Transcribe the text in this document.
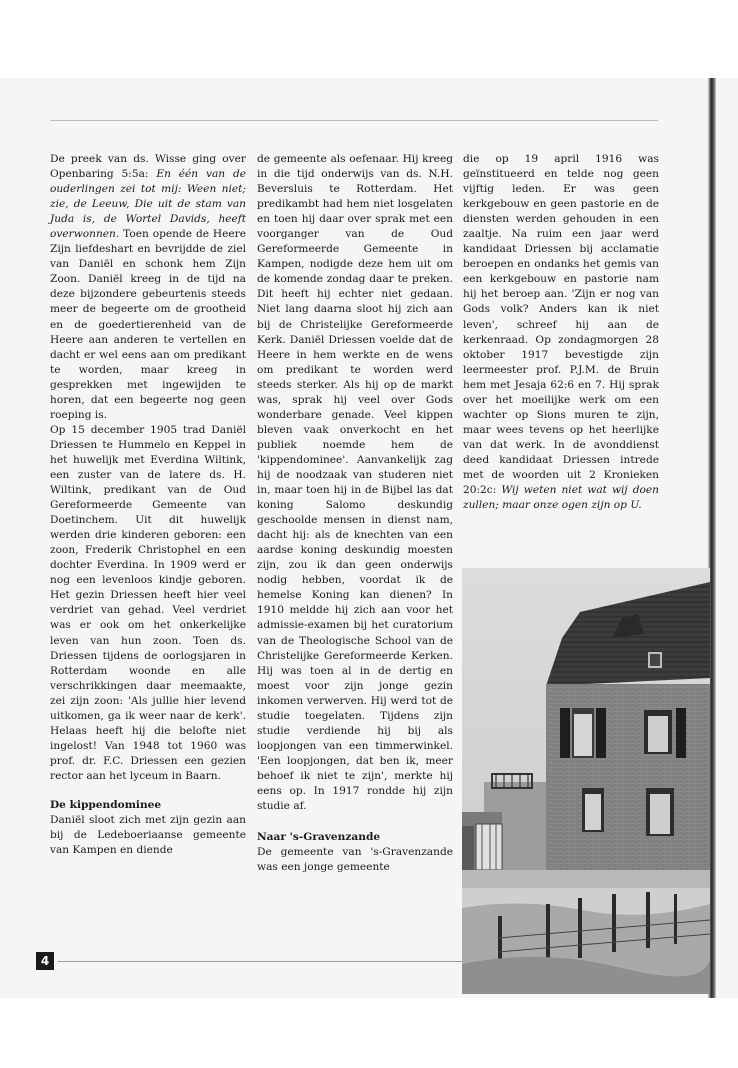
De preek van ds. Wisse ging over Openbaring 5:5a: En één van de ouderlingen zei tot mij: Ween niet; zie, de Leeuw, Die uit de stam van Juda is, de Wortel Davids, heeft overwonnen. Toen opende de Heere Zijn liefdeshart en bevrijdde de ziel van Daniël en schonk hem Zijn Zoon. Daniël kreeg in de tijd na deze bijzondere gebeurtenis steeds meer de begeerte om de grootheid en de goedertierenheid van de Heere aan anderen te vertellen en dacht er wel eens aan om predikant te worden, maar kreeg in gesprekken met ingewijden te horen, dat een begeerte nog geen roeping is.

Op 15 december 1905 trad Daniël Driessen te Hummelo en Keppel in het huwelijk met Everdina Wiltink, een zuster van de latere ds. H. Wiltink, predikant van de Oud Gereformeerde Gemeente van Doetinchem. Uit dit huwelijk werden drie kinderen geboren: een zoon, Frederik Christophel en een dochter Everdina. In 1909 werd er nog een levenloos kindje geboren. Het gezin Driessen heeft hier veel verdriet van gehad. Veel verdriet was er ook om het onkerkelijke leven van hun zoon. Toen ds. Driessen tijdens de oorlogsjaren in Rotterdam woonde en alle verschrikkingen daar meemaakte, zei zijn zoon: 'Als jullie hier levend uitkomen, ga ik weer naar de kerk'. Helaas heeft hij die belofte niet ingelost! Van 1948 tot 1960 was prof. dr. F.C. Driessen een gezien rector aan het lyceum in Baarn.

De kippendominee

Daniël sloot zich met zijn gezin aan bij de Ledeboeriaanse gemeente van Kampen en diende

de gemeente als oefenaar. Hij kreeg in die tijd onderwijs van ds. N.H. Beversluis te Rotterdam. Het predikambt had hem niet losgelaten en toen hij daar over sprak met een voorganger van de Oud Gereformeerde Gemeente in Kampen, nodigde deze hem uit om de komende zondag daar te preken. Dit heeft hij echter niet gedaan. Niet lang daarna sloot hij zich aan bij de Christelijke Gereformeerde Kerk. Daniël Driessen voelde dat de Heere in hem werkte en de wens om predikant te worden werd steeds sterker. Als hij op de markt was, sprak hij veel over Gods wonderbare genade. Veel kippen bleven vaak onverkocht en het publiek noemde hem de 'kippendominee'. Aanvankelijk zag hij de noodzaak van studeren niet in, maar toen hij in de Bijbel las dat koning Salomo deskundig geschoolde mensen in dienst nam, dacht hij: als de knechten van een aardse koning deskundig moesten zijn, zou ik dan geen onderwijs nodig hebben, voordat ik de hemelse Koning kan dienen? In 1910 meldde hij zich aan voor het admissie-examen bij het curatorium van de Theologische School van de Christelijke Gereformeerde Kerken. Hij was toen al in de dertig en moest voor zijn jonge gezin inkomen verwerven. Hij werd tot de studie toegelaten. Tijdens zijn studie verdiende hij bij als loopjongen van een timmerwinkel. 'Een loopjongen, dat ben ik, meer behoef ik niet te zijn', merkte hij eens op. In 1917 rondde hij zijn studie af.

Naar 's-Gravenzande

De gemeente van 's-Gravenzande was een jonge gemeente

die op 19 april 1916 was geïnstitueerd en telde nog geen vijftig leden. Er was geen kerkgebouw en geen pastorie en de diensten werden gehouden in een zaaltje. Na ruim een jaar werd kandidaat Driessen bij acclamatie beroepen en ondanks het gemis van een kerkgebouw en pastorie nam hij het beroep aan. 'Zijn er nog van Gods volk? Anders kan ik niet leven', schreef hij aan de kerkenraad. Op zondagmorgen 28 oktober 1917 bevestigde zijn leermeester prof. P.J.M. de Bruin hem met Jesaja 62:6 en 7. Hij sprak over het moeilijke werk om een wachter op Sions muren te zijn, maar wees tevens op het heerlijke van dat werk. In de avonddienst deed kandidaat Driessen intrede met de woorden uit 2 Kronieken 20:2c: Wij weten niet wat wij doen zullen; maar onze ogen zijn op U.

4
